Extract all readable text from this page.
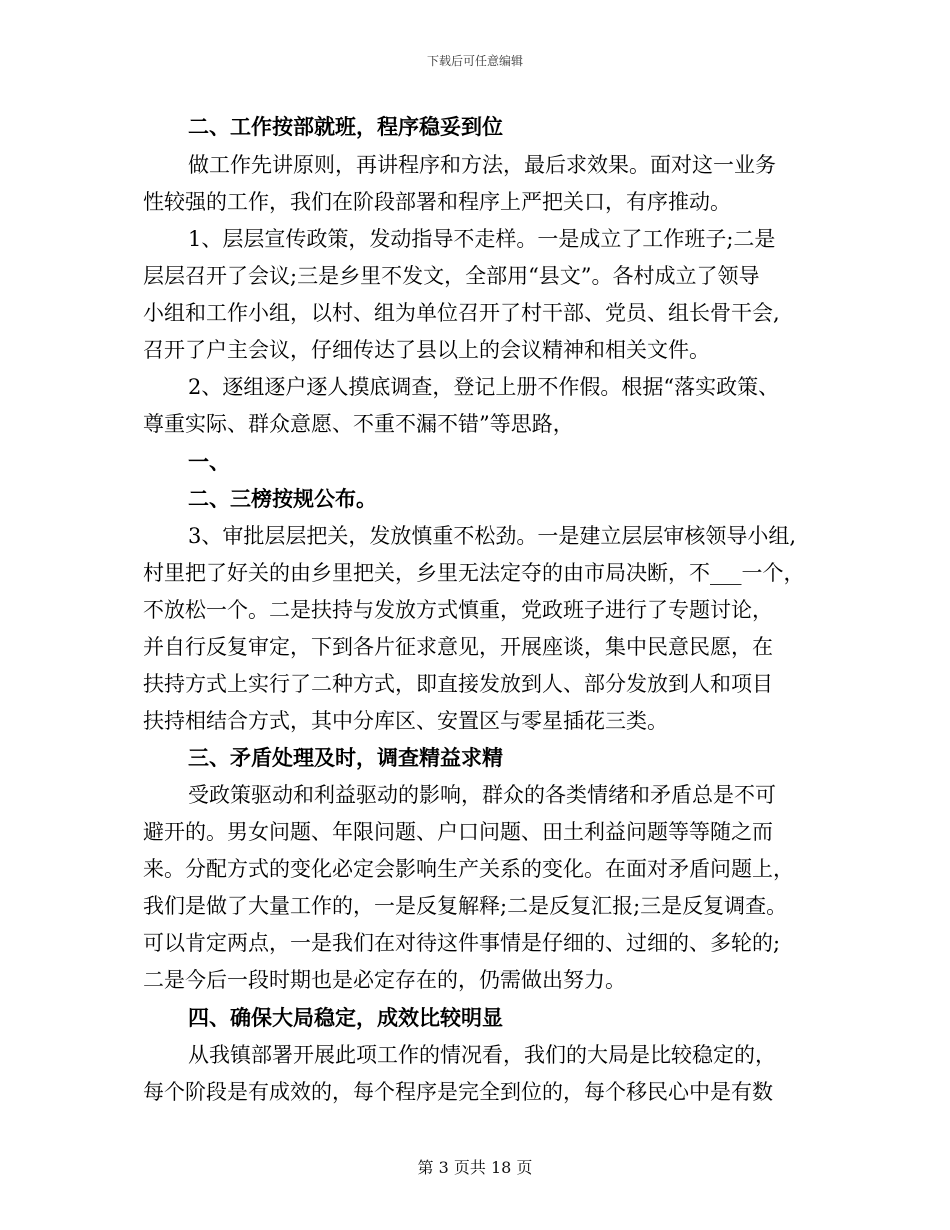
下载后可任意编辑
二、工作按部就班，程序稳妥到位
做工作先讲原则，再讲程序和方法，最后求效果。面对这一业务
性较强的工作，我们在阶段部署和程序上严把关口，有序推动。
1、层层宣传政策，发动指导不走样。一是成立了工作班子;二是
层层召开了会议;三是乡里不发文，全部用“县文”。各村成立了领导
小组和工作小组，以村、组为单位召开了村干部、党员、组长骨干会,
召开了户主会议，仔细传达了县以上的会议精神和相关文件。
2、逐组逐户逐人摸底调查，登记上册不作假。根据“落实政策、
尊重实际、群众意愿、不重不漏不错”等思路，
一、
二、三榜按规公布。
3、审批层层把关，发放慎重不松劲。一是建立层层审核领导小组,
村里把了好关的由乡里把关，乡里无法定夺的由市局决断，不___一个，
不放松一个。二是扶持与发放方式慎重，党政班子进行了专题讨论，
并自行反复审定，下到各片征求意见，开展座谈，集中民意民愿，在
扶持方式上实行了二种方式，即直接发放到人、部分发放到人和项目
扶持相结合方式，其中分库区、安置区与零星插花三类。
三、矛盾处理及时，调查精益求精
受政策驱动和利益驱动的影响，群众的各类情绪和矛盾总是不可
避开的。男女问题、年限问题、户口问题、田土利益问题等等随之而
来。分配方式的变化必定会影响生产关系的变化。在面对矛盾问题上，
我们是做了大量工作的，一是反复解释;二是反复汇报;三是反复调查。
可以肯定两点，一是我们在对待这件事情是仔细的、过细的、多轮的;
二是今后一段时期也是必定存在的，仍需做出努力。
四、确保大局稳定，成效比较明显
从我镇部署开展此项工作的情况看，我们的大局是比较稳定的，
每个阶段是有成效的，每个程序是完全到位的，每个移民心中是有数
第 3 页共 18 页
